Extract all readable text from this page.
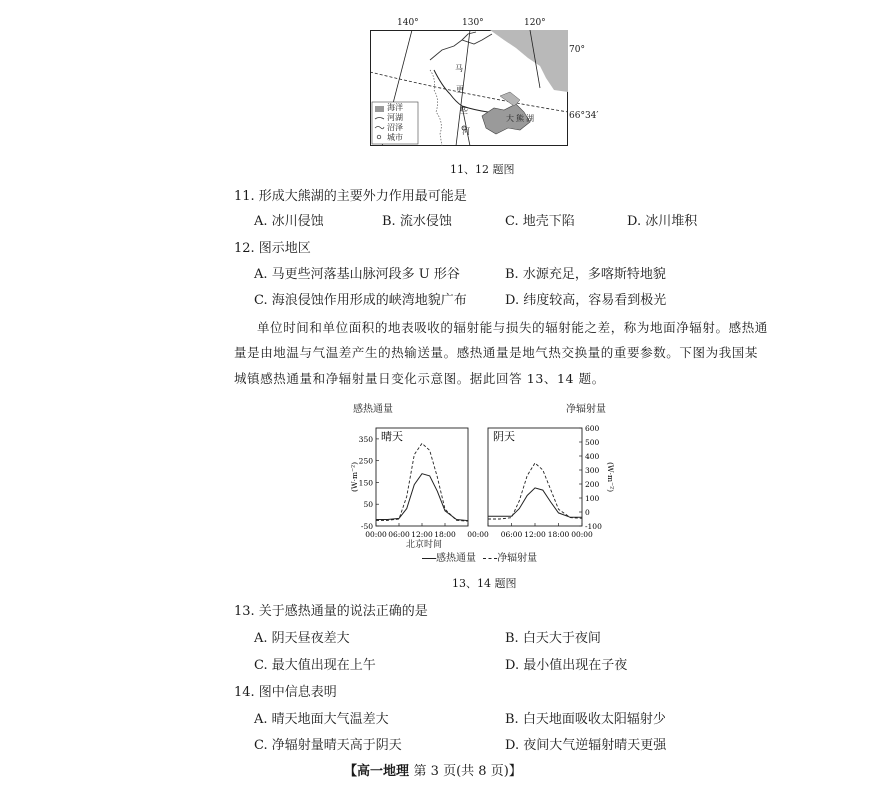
140°	130°	120°
70°
66°34′
马
更
些
河
大 熊 湖
海洋
河湖
沼泽
城市
11、12 题图
11. 形成大熊湖的主要外力作用最可能是
A. 冰川侵蚀	B. 流水侵蚀	C. 地壳下陷	D. 冰川堆积
12. 图示地区
A. 马更些河落基山脉河段多 U 形谷	B. 水源充足，多喀斯特地貌
C. 海浪侵蚀作用形成的峡湾地貌广布	D. 纬度较高，容易看到极光
单位时间和单位面积的地表吸收的辐射能与损失的辐射能之差，称为地面净辐射。感热通
量是由地温与气温差产生的热输送量。感热通量是地气热交换量的重要参数。下图为我国某
城镇感热通量和净辐射量日变化示意图。据此回答 13、14 题。
晴天	阴天
00:00 06:00 12:00 18:00 00:00 06:00 12:00 18:00 00:00
-50
50
150
250
350
-100
0
100
200
300
400
500
600
(W·m⁻²)	(W·m⁻²)
感热通量	净辐射量
北京时间
感热通量 净辐射量
13、14 题图
13. 关于感热通量的说法正确的是
A. 阴天昼夜差大	B. 白天大于夜间
C. 最大值出现在上午	D. 最小值出现在子夜
14. 图中信息表明
A. 晴天地面大气温差大	B. 白天地面吸收太阳辐射少
C. 净辐射量晴天高于阴天	D. 夜间大气逆辐射晴天更强
【高一地理 第 3 页(共 8 页)】
